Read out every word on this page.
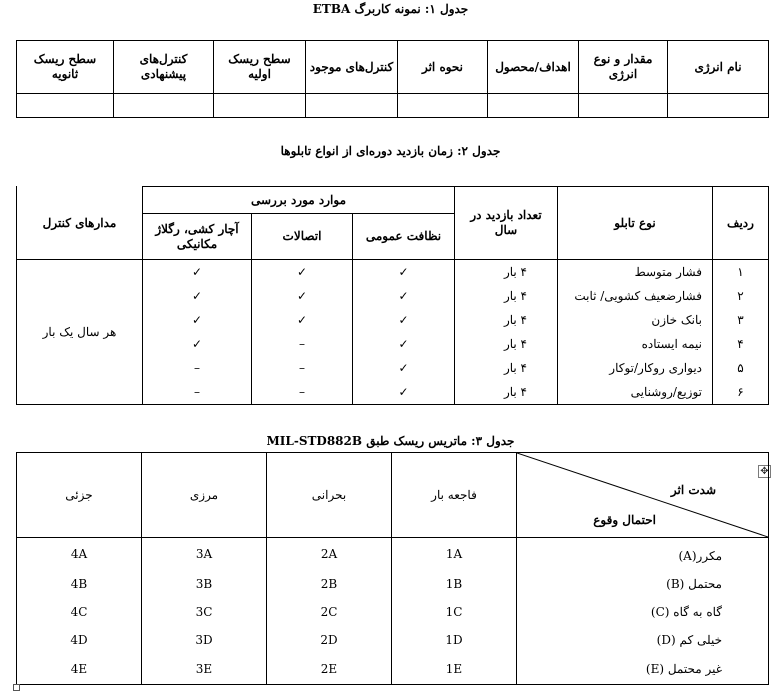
جدول ۱: نمونه کاربرگ ETBA
نام انرژی	مقدار و نوع انرژی	اهداف/محصول	نحوه اثر	کنترل‌های موجود	سطح ریسک اولیه	کنترل‌های پیشنهادی	سطح ریسک ثانویه

جدول ۲: زمان بازدید دوره‌ای از انواع تابلوها
ردیف	نوع تابلو	تعداد بازدید در سال	موارد مورد بررسی			مدارهای کنترل
			نظافت عمومی	اتصالات	آچار کشی، رگلاژ مکانیکی	
۱	فشار متوسط	۴ بار	✓	✓	✓	هر سال یک بار
۲	فشارضعیف کشویی/ ثابت	۴ بار	✓	✓	✓	
۳	بانک خازن	۴ بار	✓	✓	✓	
۴	نیمه ایستاده	۴ بار	✓	–	✓	
۵	دیواری روکار/توکار	۴ بار	✓	–	–	
۶	توزیع/روشنایی	۴ بار	✓	–	–	
جدول ۳: ماتریس ریسک طبق MIL-STD882B
✥
شدت اثر
احتمال وقوع	فاجعه بار	بحرانی	مرزی	جزئی
مکرر(A)	1A	2A	3A	4A
محتمل (B)	1B	2B	3B	4B
گاه به گاه (C)	1C	2C	3C	4C
خیلی کم (D)	1D	2D	3D	4D
غیر محتمل (E)	1E	2E	3E	4E
